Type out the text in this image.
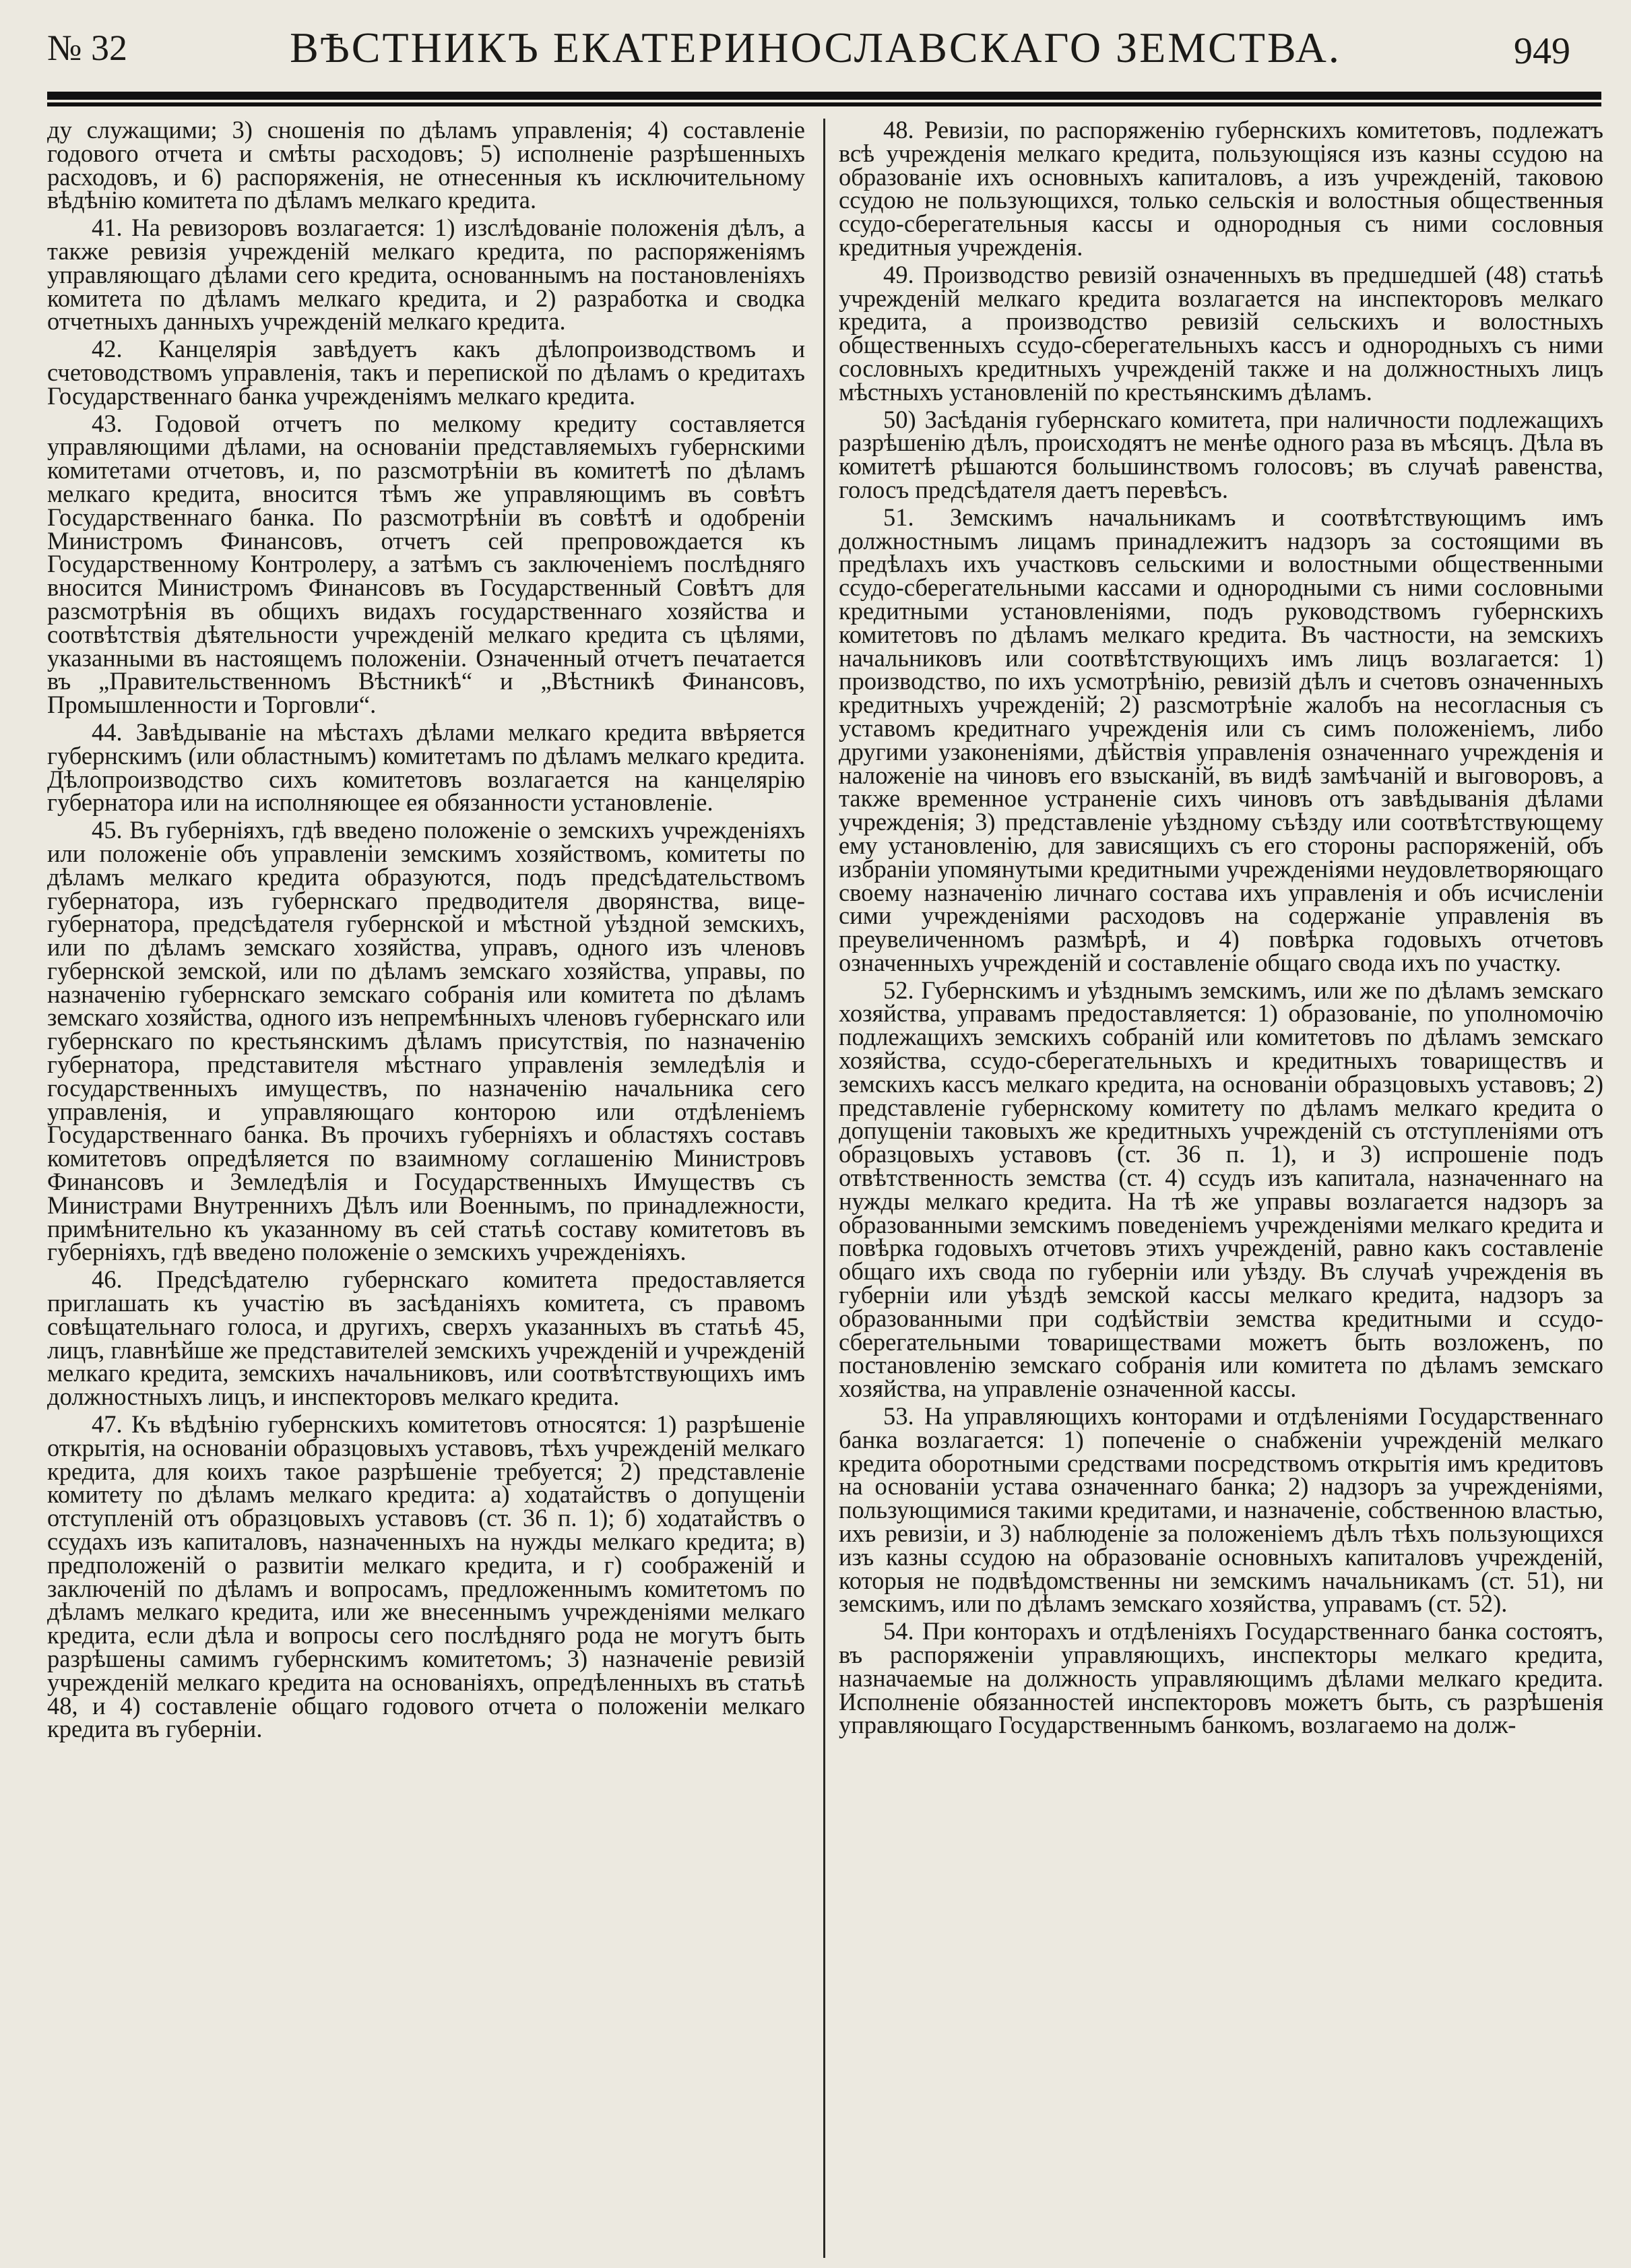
№ 32	ВѢСТНИКЪ ЕКАТЕРИНОСЛАВСКАГО ЗЕМСТВА.	949

ду служащими; 3) сношенія по дѣламъ управленія; 4) составленіе годового отчета и смѣты расходовъ; 5) исполненіе разрѣшенныхъ расходовъ, и 6) распоряженія, не отнесенныя къ исключительному вѣдѣнію комитета по дѣламъ мелкаго кредита.

41. На ревизоровъ возлагается: 1) изслѣдованіе положенія дѣлъ, а также ревизія учрежденій мелкаго кредита, по распоряженіямъ управляющаго дѣлами сего кредита, основаннымъ на постановленіяхъ комитета по дѣламъ мелкаго кредита, и 2) разработка и сводка отчетныхъ данныхъ учрежденій мелкаго кредита.

42. Канцелярія завѣдуетъ какъ дѣлопроизводствомъ и счетоводствомъ управленія, такъ и перепиской по дѣламъ о кредитахъ Государственнаго банка учрежденіямъ мелкаго кредита.

43. Годовой отчетъ по мелкому кредиту составляется управляющими дѣлами, на основаніи представляемыхъ губернскими комитетами отчетовъ, и, по разсмотрѣніи въ комитетѣ по дѣламъ мелкаго кредита, вносится тѣмъ же управляющимъ въ совѣтъ Государственнаго банка. По разсмотрѣніи въ совѣтѣ и одобреніи Министромъ Финансовъ, отчетъ сей препровождается къ Государственному Контролеру, а затѣмъ съ заключеніемъ послѣдняго вносится Министромъ Финансовъ въ Государственный Совѣтъ для разсмотрѣнія въ общихъ видахъ государственнаго хозяйства и соотвѣтствія дѣятельности учрежденій мелкаго кредита съ цѣлями, указанными въ настоящемъ положеніи. Означенный отчетъ печатается въ „Правительственномъ Вѣстникѣ“ и „Вѣстникѣ Финансовъ, Промышленности и Торговли“.

44. Завѣдываніе на мѣстахъ дѣлами мелкаго кредита ввѣряется губернскимъ (или областнымъ) комитетамъ по дѣламъ мелкаго кредита. Дѣлопроизводство сихъ комитетовъ возлагается на канцелярію губернатора или на исполняющее ея обязанности установленіе.

45. Въ губерніяхъ, гдѣ введено положеніе о земскихъ учрежденіяхъ или положеніе объ управленіи земскимъ хозяйствомъ, комитеты по дѣламъ мелкаго кредита образуются, подъ предсѣдательствомъ губернатора, изъ губернскаго предводителя дворянства, вице-губернатора, предсѣдателя губернской и мѣстной уѣздной земскихъ, или по дѣламъ земскаго хозяйства, управъ, одного изъ членовъ губернской земской, или по дѣламъ земскаго хозяйства, управы, по назначенію губернскаго земскаго собранія или комитета по дѣламъ земскаго хозяйства, одного изъ непремѣнныхъ членовъ губернскаго или губернскаго по крестьянскимъ дѣламъ присутствія, по назначенію губернатора, представителя мѣстнаго управленія земледѣлія и государственныхъ имуществъ, по назначенію начальника сего управленія, и управляющаго конторою или отдѣленіемъ Государственнаго банка. Въ прочихъ губерніяхъ и областяхъ составъ комитетовъ опредѣляется по взаимному соглашенію Министровъ Финансовъ и Земледѣлія и Государственныхъ Имуществъ съ Министрами Внутреннихъ Дѣлъ или Военнымъ, по принадлежности, примѣнительно къ указанному въ сей статьѣ составу комитетовъ въ губерніяхъ, гдѣ введено положеніе о земскихъ учрежденіяхъ.

46. Предсѣдателю губернскаго комитета предоставляется приглашать къ участію въ засѣданіяхъ комитета, съ правомъ совѣщательнаго голоса, и другихъ, сверхъ указанныхъ въ статьѣ 45, лицъ, главнѣйше же представителей земскихъ учрежденій и учрежденій мелкаго кредита, земскихъ начальниковъ, или соотвѣтствующихъ имъ должностныхъ лицъ, и инспекторовъ мелкаго кредита.

47. Къ вѣдѣнію губернскихъ комитетовъ относятся: 1) разрѣшеніе открытія, на основаніи образцовыхъ уставовъ, тѣхъ учрежденій мелкаго кредита, для коихъ такое разрѣшеніе требуется; 2) представленіе комитету по дѣламъ мелкаго кредита: а) ходатайствъ о допущеніи отступленій отъ образцовыхъ уставовъ (ст. 36 п. 1); б) ходатайствъ о ссудахъ изъ капиталовъ, назначенныхъ на нужды мелкаго кредита; в) предположеній о развитіи мелкаго кредита, и г) соображеній и заключеній по дѣламъ и вопросамъ, предложеннымъ комитетомъ по дѣламъ мелкаго кредита, или же внесеннымъ учрежденіями мелкаго кредита, если дѣла и вопросы сего послѣдняго рода не могутъ быть разрѣшены самимъ губернскимъ комитетомъ; 3) назначеніе ревизій учрежденій мелкаго кредита на основаніяхъ, опредѣленныхъ въ статьѣ 48, и 4) составленіе общаго годового отчета о положеніи мелкаго кредита въ губерніи.

48. Ревизіи, по распоряженію губернскихъ комитетовъ, подлежатъ всѣ учрежденія мелкаго кредита, пользующіяся изъ казны ссудою на образованіе ихъ основныхъ капиталовъ, а изъ учрежденій, таковою ссудою не пользующихся, только сельскія и волостныя общественныя ссудо-сберегательныя кассы и однородныя съ ними сословныя кредитныя учрежденія.

49. Производство ревизій означенныхъ въ предшедшей (48) статьѣ учрежденій мелкаго кредита возлагается на инспекторовъ мелкаго кредита, а производство ревизій сельскихъ и волостныхъ общественныхъ ссудо-сберегательныхъ кассъ и однородныхъ съ ними сословныхъ кредитныхъ учрежденій также и на должностныхъ лицъ мѣстныхъ установленій по крестьянскимъ дѣламъ.

50) Засѣданія губернскаго комитета, при наличности подлежащихъ разрѣшенію дѣлъ, происходятъ не менѣе одного раза въ мѣсяцъ. Дѣла въ комитетѣ рѣшаются большинствомъ голосовъ; въ случаѣ равенства, голосъ предсѣдателя даетъ перевѣсъ.

51. Земскимъ начальникамъ и соотвѣтствующимъ имъ должностнымъ лицамъ принадлежитъ надзоръ за состоящими въ предѣлахъ ихъ участковъ сельскими и волостными общественными ссудо-сберегательными кассами и однородными съ ними сословными кредитными установленіями, подъ руководствомъ губернскихъ комитетовъ по дѣламъ мелкаго кредита. Въ частности, на земскихъ начальниковъ или соотвѣтствующихъ имъ лицъ возлагается: 1) производство, по ихъ усмотрѣнію, ревизій дѣлъ и счетовъ означенныхъ кредитныхъ учрежденій; 2) разсмотрѣніе жалобъ на несогласныя съ уставомъ кредитнаго учрежденія или съ симъ положеніемъ, либо другими узаконеніями, дѣйствія управленія означеннаго учрежденія и наложеніе на чиновъ его взысканій, въ видѣ замѣчаній и выговоровъ, а также временное устраненіе сихъ чиновъ отъ завѣдыванія дѣлами учрежденія; 3) представленіе уѣздному съѣзду или соотвѣтствующему ему установленію, для зависящихъ съ его стороны распоряженій, объ избраніи упомянутыми кредитными учрежденіями неудовлетворяющаго своему назначенію личнаго состава ихъ управленія и объ исчисленіи сими учрежденіями расходовъ на содержаніе управленія въ преувеличенномъ размѣрѣ, и 4) повѣрка годовыхъ отчетовъ означенныхъ учрежденій и составленіе общаго свода ихъ по участку.

52. Губернскимъ и уѣзднымъ земскимъ, или же по дѣламъ земскаго хозяйства, управамъ предоставляется: 1) образованіе, по уполномочію подлежащихъ земскихъ собраній или комитетовъ по дѣламъ земскаго хозяйства, ссудо-сберегательныхъ и кредитныхъ товариществъ и земскихъ кассъ мелкаго кредита, на основаніи образцовыхъ уставовъ; 2) представленіе губернскому комитету по дѣламъ мелкаго кредита о допущеніи таковыхъ же кредитныхъ учрежденій съ отступленіями отъ образцовыхъ уставовъ (ст. 36 п. 1), и 3) испрошеніе подъ отвѣтственность земства (ст. 4) ссудъ изъ капитала, назначеннаго на нужды мелкаго кредита. На тѣ же управы возлагается надзоръ за образованными земскимъ поведеніемъ учрежденіями мелкаго кредита и повѣрка годовыхъ отчетовъ этихъ учрежденій, равно какъ составленіе общаго ихъ свода по губерніи или уѣзду. Въ случаѣ учрежденія въ губерніи или уѣздѣ земской кассы мелкаго кредита, надзоръ за образованными при содѣйствіи земства кредитными и ссудо-сберегательными товариществами можетъ быть возложенъ, по постановленію земскаго собранія или комитета по дѣламъ земскаго хозяйства, на управленіе означенной кассы.

53. На управляющихъ конторами и отдѣленіями Государственнаго банка возлагается: 1) попеченіе о снабженіи учрежденій мелкаго кредита оборотными средствами посредствомъ открытія имъ кредитовъ на основаніи устава означеннаго банка; 2) надзоръ за учрежденіями, пользующимися такими кредитами, и назначеніе, собственною властью, ихъ ревизіи, и 3) наблюденіе за положеніемъ дѣлъ тѣхъ пользующихся изъ казны ссудою на образованіе основныхъ капиталовъ учрежденій, которыя не подвѣдомственны ни земскимъ начальникамъ (ст. 51), ни земскимъ, или по дѣламъ земскаго хозяйства, управамъ (ст. 52).

54. При конторахъ и отдѣленіяхъ Государственнаго банка состоятъ, въ распоряженіи управляющихъ, инспекторы мелкаго кредита, назначаемые на должность управляющимъ дѣлами мелкаго кредита. Исполненіе обязанностей инспекторовъ можетъ быть, съ разрѣшенія управляющаго Государственнымъ банкомъ, возлагаемо на долж-
